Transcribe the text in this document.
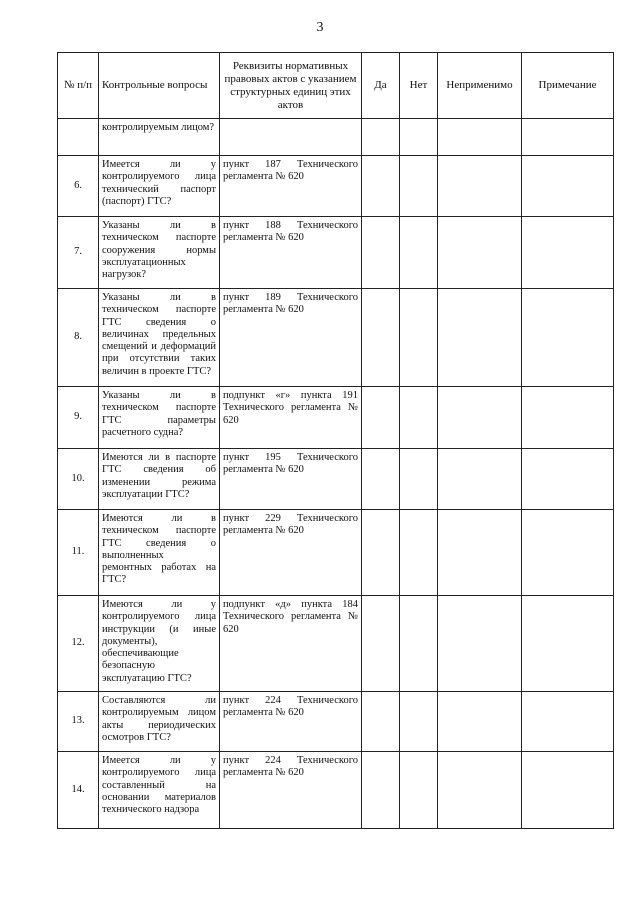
3
№ п/п	Контрольные вопросы	Реквизиты нормативных правовых актов с указанием структурных единиц этих актов	Да	Нет	Неприменимо	Примечание
	контролируемым лицом?					
6.	Имеется ли у контролируемого лица технический паспорт (паспорт) ГТС?	пункт 187 Технического регламента № 620				
7.	Указаны ли в техническом паспорте сооружения нормы эксплуатационных нагрузок?	пункт 188 Технического регламента № 620				
8.	Указаны ли в техническом паспорте ГТС сведения о величинах предельных смещений и деформаций при отсутствии таких величин в проекте ГТС?	пункт 189 Технического регламента № 620				
9.	Указаны ли в техническом паспорте ГТС параметры расчетного судна?	подпункт «г» пункта 191 Технического регламента № 620				
10.	Имеются ли в паспорте ГТС сведения об изменении режима эксплуатации ГТС?	пункт 195 Технического регламента № 620				
11.	Имеются ли в техническом паспорте ГТС сведения о выполненных ремонтных работах на ГТС?	пункт 229 Технического регламента № 620				
12.	Имеются ли у контролируемого лица инструкции (и иные документы), обеспечивающие безопасную эксплуатацию ГТС?	подпункт «д» пункта 184 Технического регламента № 620				
13.	Составляются ли контролируемым лицом акты периодических осмотров ГТС?	пункт 224 Технического регламента № 620				
14.	Имеется ли у контролируемого лица составленный на основании материалов технического надзора	пункт 224 Технического регламента № 620				
